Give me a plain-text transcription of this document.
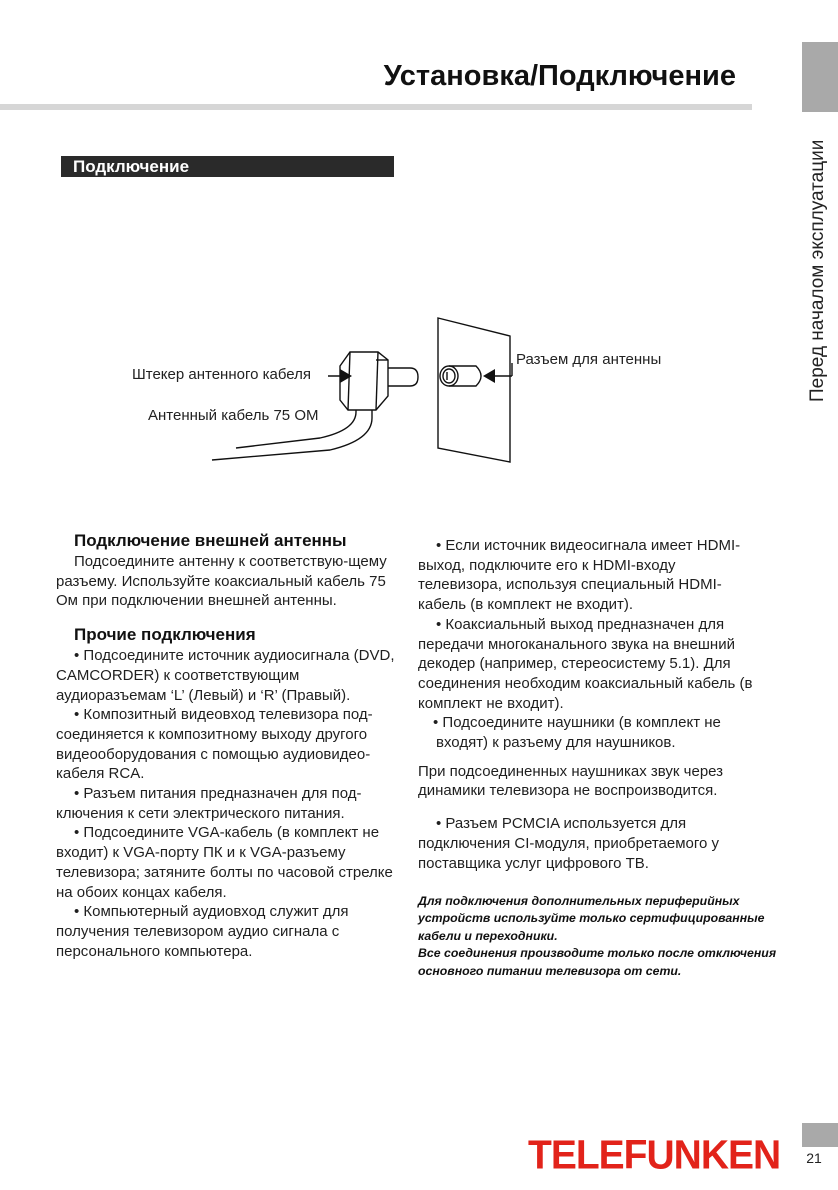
Установка/Подключение
Перед началом эксплуатации
Подключение
Штекер антенного кабеля
Антенный кабель 75 ОМ
Разъем для антенны
Подключение внешней антенны

Подсоедините антенну к соответствую-щему разъему. Используйте коаксиальный кабель 75 Ом при подключении внешней антенны.

Прочие подключения

• Подсоедините источник аудиосигнала (DVD, CAMCORDER) к соответствующим аудиоразъемам ‘L’ (Левый) и ‘R’ (Правый).

• Композитный видеовход телевизора под-соединяется к композитному выходу другого видеооборудования с помощью аудиовидео-кабеля RCA.

• Разъем питания предназначен для под-ключения к сети электрического питания.

• Подсоедините VGA-кабель (в комплект не входит) к VGA-порту ПК и к VGA-разъему телевизора; затяните болты по часовой стрелке на обоих концах кабеля.

• Компьютерный аудиовход служит для получения телевизором аудио сигнала с персонального компьютера.

• Если источник видеосигнала имеет HDMI-выход, подключите его к HDMI-входу телевизора, используя специальный HDMI-кабель (в комплект не входит).

• Коаксиальный выход предназначен для передачи многоканального звука на внешний декодер (например, стереосистему 5.1). Для соединения необходим коаксиальный кабель (в комплект не входит).

• Подсоедините наушники (в комплект не входят) к разъему для наушников.

При подсоединенных наушниках звук через динамики телевизора не воспроизводится.

• Разъем PCMCIA используется для подключения CI-модуля, приобретаемого у поставщика услуг цифрового ТВ.

Для подключения дополнительных периферийных устройств используйте только сертифицированные кабели и переходники.

Все соединения производите только после отключения основного питании телевизора от сети.

TELEFUNKEN	21
